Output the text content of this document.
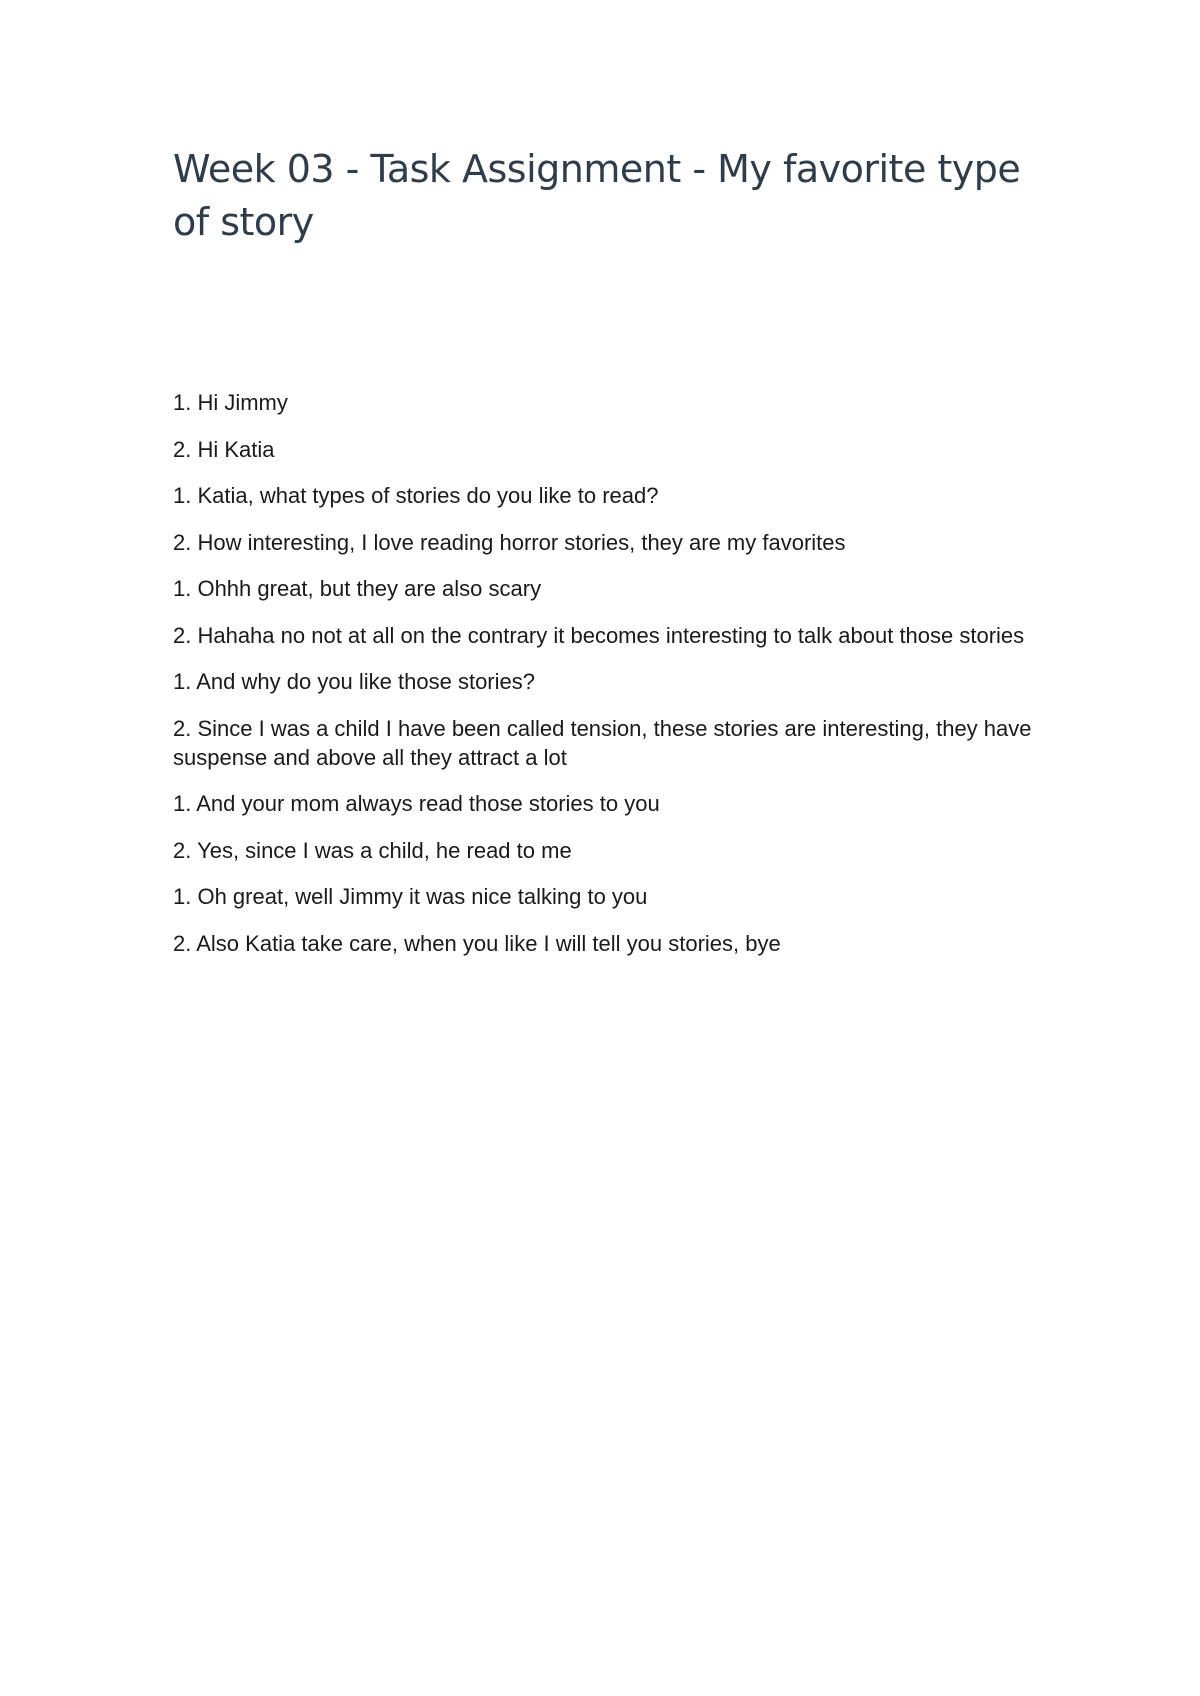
Week 03 - Task Assignment - My favorite type of story

1. Hi Jimmy

2. Hi Katia

1. Katia, what types of stories do you like to read?

2. How interesting, I love reading horror stories, they are my favorites

1. Ohhh great, but they are also scary

2. Hahaha no not at all on the contrary it becomes interesting to talk about those stories

1. And why do you like those stories?

2. Since I was a child I have been called tension, these stories are interesting, they have suspense and above all they attract a lot

1. And your mom always read those stories to you

2. Yes, since I was a child, he read to me

1. Oh great, well Jimmy it was nice talking to you

2. Also Katia take care, when you like I will tell you stories, bye
